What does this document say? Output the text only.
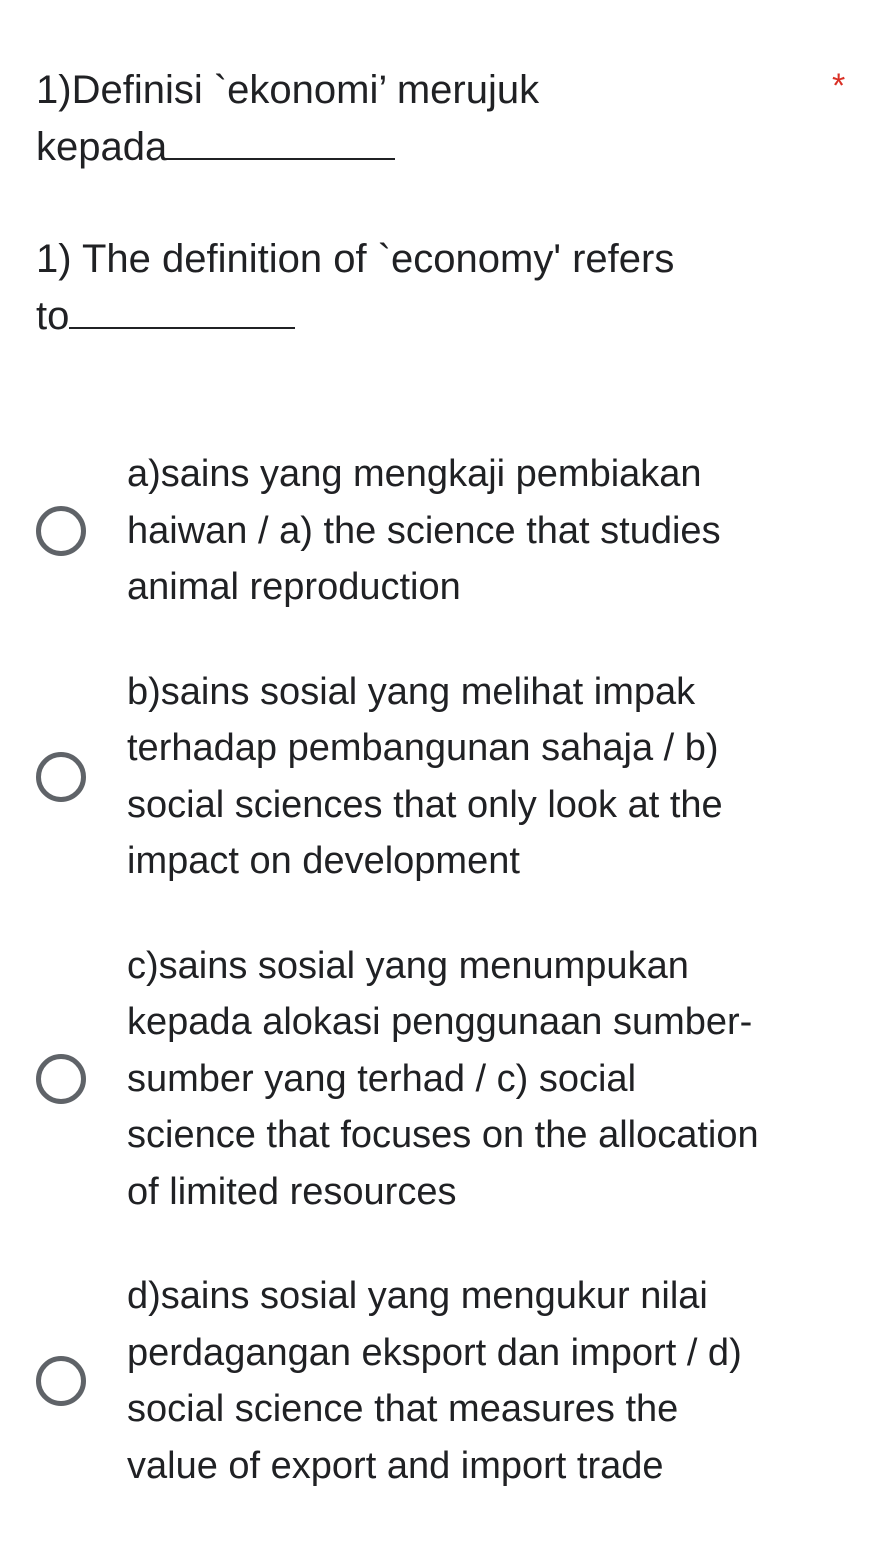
1)Definisi `ekonomi’ merujuk
kepada
1) The definition of `economy' refers
to
*
a)sains yang mengkaji pembiakan
haiwan / a) the science that studies
animal reproduction
b)sains sosial yang melihat impak
terhadap pembangunan sahaja / b)
social sciences that only look at the
impact on development
c)sains sosial yang menumpukan
kepada alokasi penggunaan sumber-
sumber yang terhad / c) social
science that focuses on the allocation
of limited resources
d)sains sosial yang mengukur nilai
perdagangan eksport dan import / d)
social science that measures the
value of export and import trade
